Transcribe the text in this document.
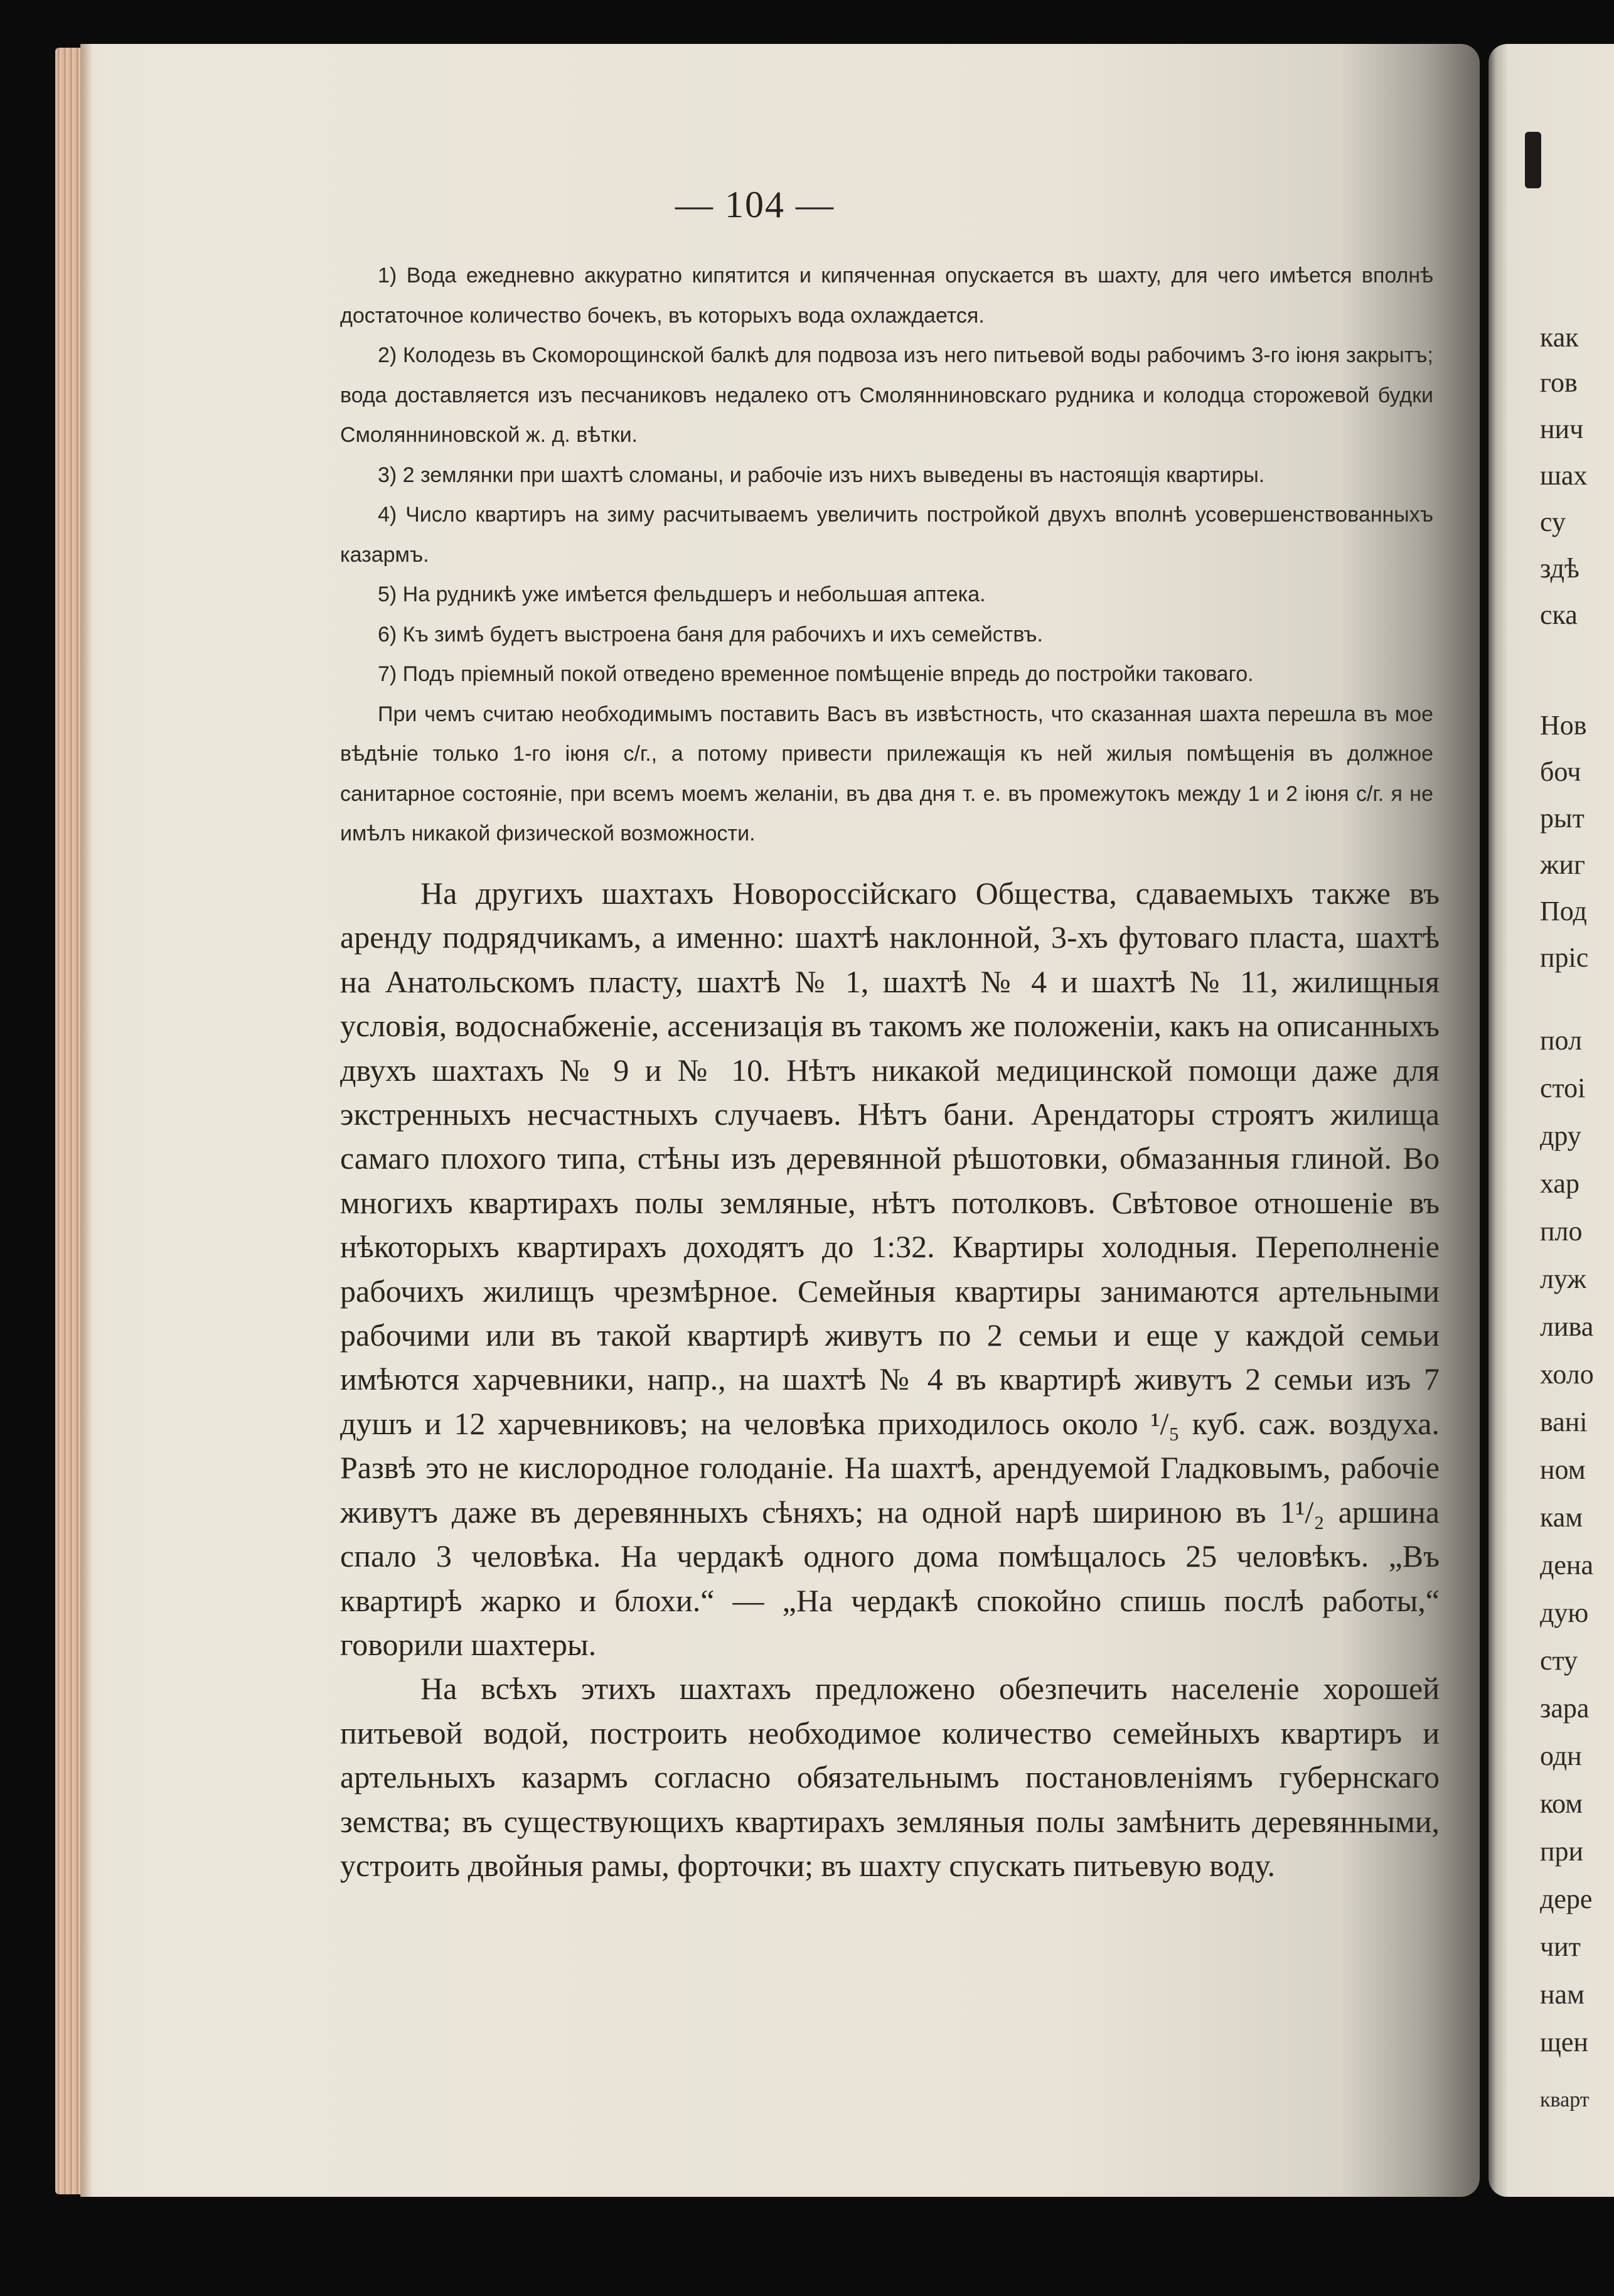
— 104 —

1) Вода ежедневно аккуратно кипятится и кипяченная опускается въ шахту, для чего имѣется вполнѣ достаточное количество бочекъ, въ которыхъ вода охлаждается.

2) Колодезь въ Скоморощинской балкѣ для подвоза изъ него питьевой воды рабочимъ 3-го іюня закрытъ; вода доставляется изъ песчаниковъ недалеко отъ Смолянниновскаго рудника и колодца сторожевой будки Смолянниновской ж. д. вѣтки.

3) 2 землянки при шахтѣ сломаны, и рабочіе изъ нихъ выведены въ настоящія квартиры.

4) Число квартиръ на зиму расчитываемъ увеличить постройкой двухъ вполнѣ усовершенствованныхъ казармъ.

5) На рудникѣ уже имѣется фельдшеръ и небольшая аптека.

6) Къ зимѣ будетъ выстроена баня для рабочихъ и ихъ семействъ.

7) Подъ пріемный покой отведено временное помѣщеніе впредь до постройки таковаго.

При чемъ считаю необходимымъ поставить Васъ въ извѣстность, что сказанная шахта перешла въ мое вѣдѣніе только 1-го іюня с/г., а потому привести прилежащія къ ней жилыя помѣщенія въ должное санитарное состояніе, при всемъ моемъ желаніи, въ два дня т. е. въ промежутокъ между 1 и 2 іюня с/г. я не имѣлъ никакой физической возможности.

На другихъ шахтахъ Новороссійскаго Общества, сдаваемыхъ также въ аренду подрядчикамъ, а именно: шахтѣ наклонной, 3-хъ футоваго пласта, шахтѣ на Анатольскомъ пласту, шахтѣ № 1, шахтѣ № 4 и шахтѣ № 11, жилищныя условія, водоснабженіе, ассенизація въ такомъ же положеніи, какъ на описанныхъ двухъ шахтахъ № 9 и № 10. Нѣтъ никакой медицинской помощи даже для экстренныхъ несчастныхъ случаевъ. Нѣтъ бани. Арендаторы строятъ жилища самаго плохого типа, стѣны изъ деревянной рѣшотовки, обмазанныя глиной. Во многихъ квартирахъ полы земляные, нѣтъ потолковъ. Свѣтовое отношеніе въ нѣкоторыхъ квартирахъ доходятъ до 1:32. Квартиры холодныя. Переполненіе рабочихъ жилищъ чрезмѣрное. Семейныя квартиры занимаются артельными рабочими или въ такой квартирѣ живутъ по 2 семьи и еще у каждой семьи имѣются харчевники, напр., на шахтѣ № 4 въ квартирѣ живутъ 2 семьи изъ 7 душъ и 12 харчевниковъ; на человѣка приходилось около ¹/₅ куб. саж. воздуха. Развѣ это не кислородное голоданіе. На шахтѣ, арендуемой Гладковымъ, рабочіе живутъ даже въ деревянныхъ сѣняхъ; на одной нарѣ шириною въ 1¹/₂ аршина спало 3 человѣка. На чердакѣ одного дома помѣщалось 25 человѣкъ. „Въ квартирѣ жарко и блохи.“ — „На чердакѣ спокойно спишь послѣ работы,“ говорили шахтеры.

На всѣхъ этихъ шахтахъ предложено обезпечить населеніе хорошей питьевой водой, построить необходимое количество семейныхъ квартиръ и артельныхъ казармъ согласно обязательнымъ постановленіямъ губернскаго земства; въ существующихъ квартирахъ земляныя полы замѣнить деревянными, устроить двойныя рамы, форточки; въ шахту спускать питьевую воду.

как
гов
нич
шах
су
здѣ
ска
Нов
боч
рыт
жиг
Под
пріс
пол
стоі
дру
хар
пло
луж
лива
холо
вані
ном
кам
дена
дую
сту
зара
одн
ком
при
дере
чит
нам
щен
кварт
